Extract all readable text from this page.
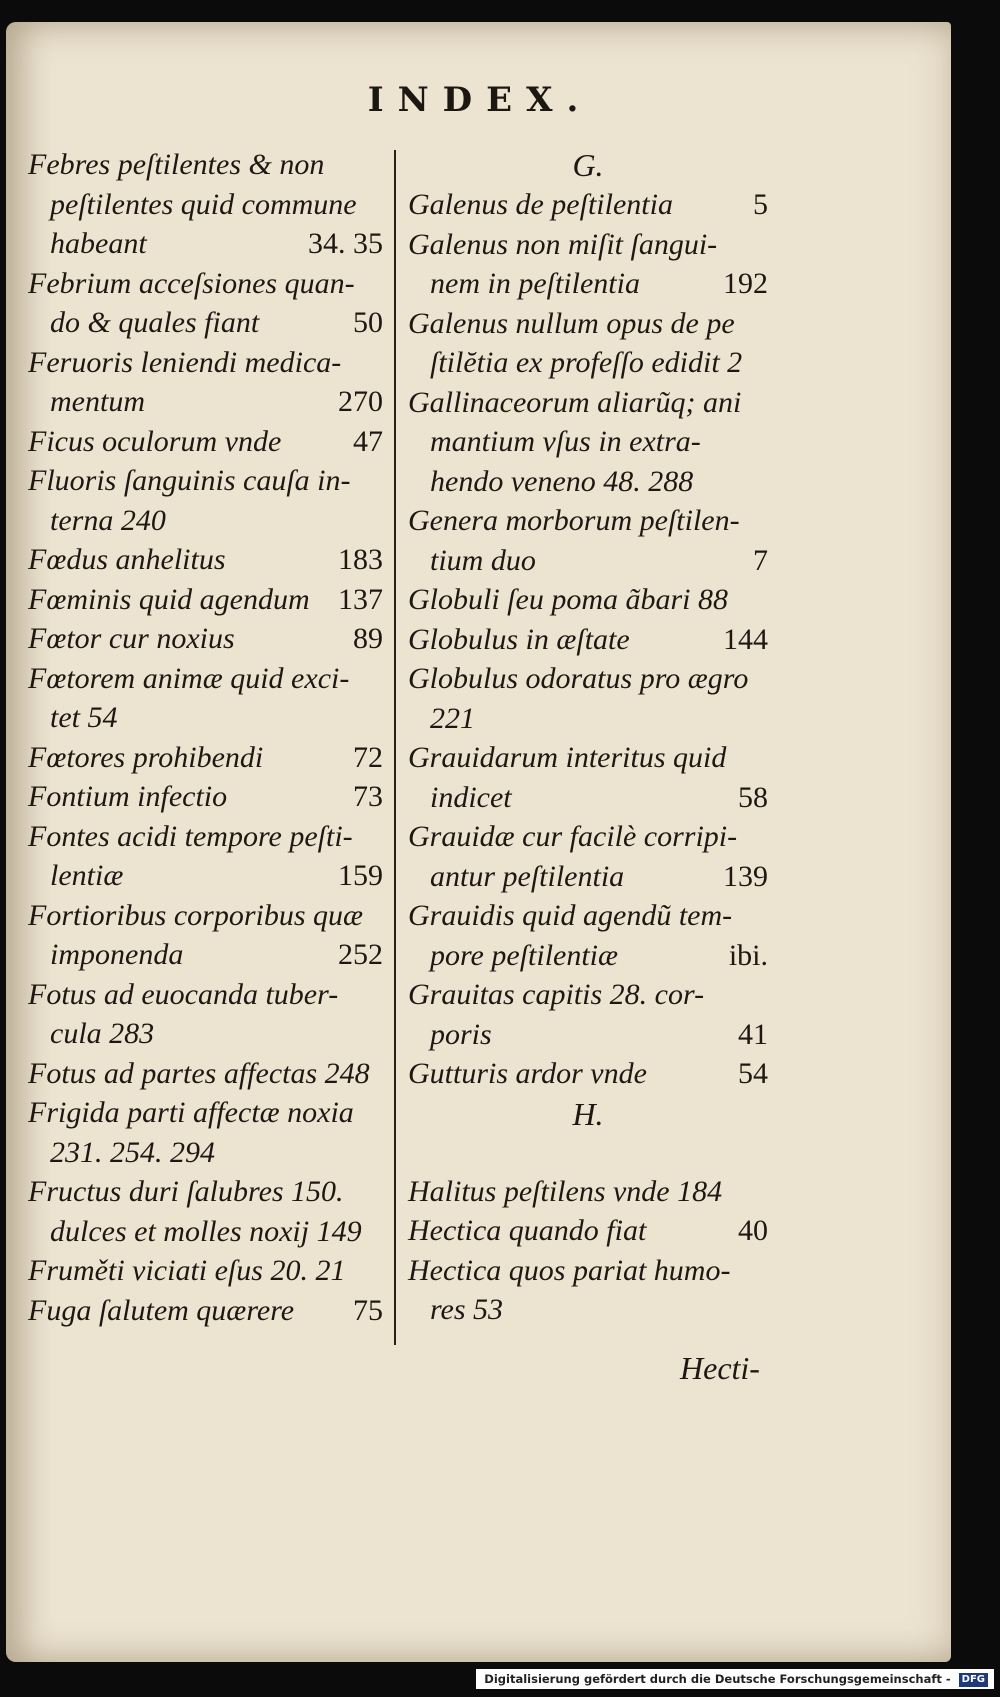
INDEX.
Febres peſtilentes & non
peſtilentes quid commune
habeant	34. 35
Febrium acceſsiones quan-
do & quales fiant	50
Feruoris leniendi medica-
mentum	270
Ficus oculorum vnde	47
Fluoris ſanguinis cauſa in-
terna 240
Fœdus anhelitus	183
Fœminis quid agendum 137
Fœtor cur noxius	89
Fœtorem animæ quid exci-
tet 54
Fœtores prohibendi	72
Fontium infectio	73
Fontes acidi tempore peſti-
lentiæ	159
Fortioribus corporibus quæ
imponenda	252
Fotus ad euocanda tuber-
cula 283
Fotus ad partes affectas 248
Frigida parti affectæ noxia
231. 254. 294
Fructus duri ſalubres 150.
dulces et molles noxij 149
Fruměti viciati eſus 20. 21
Fuga ſalutem quærere	75
G.
Galenus de peſtilentia	5
Galenus non miſit ſangui-
nem in peſtilentia	192
Galenus nullum opus de pe
ſtilĕtia ex profeſſo edidit 2
Gallinaceorum aliarũq; ani
mantium vſus in extra-
hendo veneno 48. 288
Genera morborum peſtilen-
tium duo	7
Globuli ſeu poma ãbari 88
Globulus in æſtate	144
Globulus odoratus pro ægro
221
Grauidarum interitus quid
indicet	58
Grauidæ cur facilè corripi-
antur peſtilentia	139
Grauidis quid agendũ tem-
pore peſtilentiæ	ibi.
Grauitas capitis 28. cor-
poris	41
Gutturis ardor vnde	54
H.
Halitus peſtilens vnde 184
Hectica quando fiat	40
Hectica quos pariat humo-
res 53
Hecti-
Digitalisierung gefördert durch die Deutsche Forschungsgemeinschaft - DFG
